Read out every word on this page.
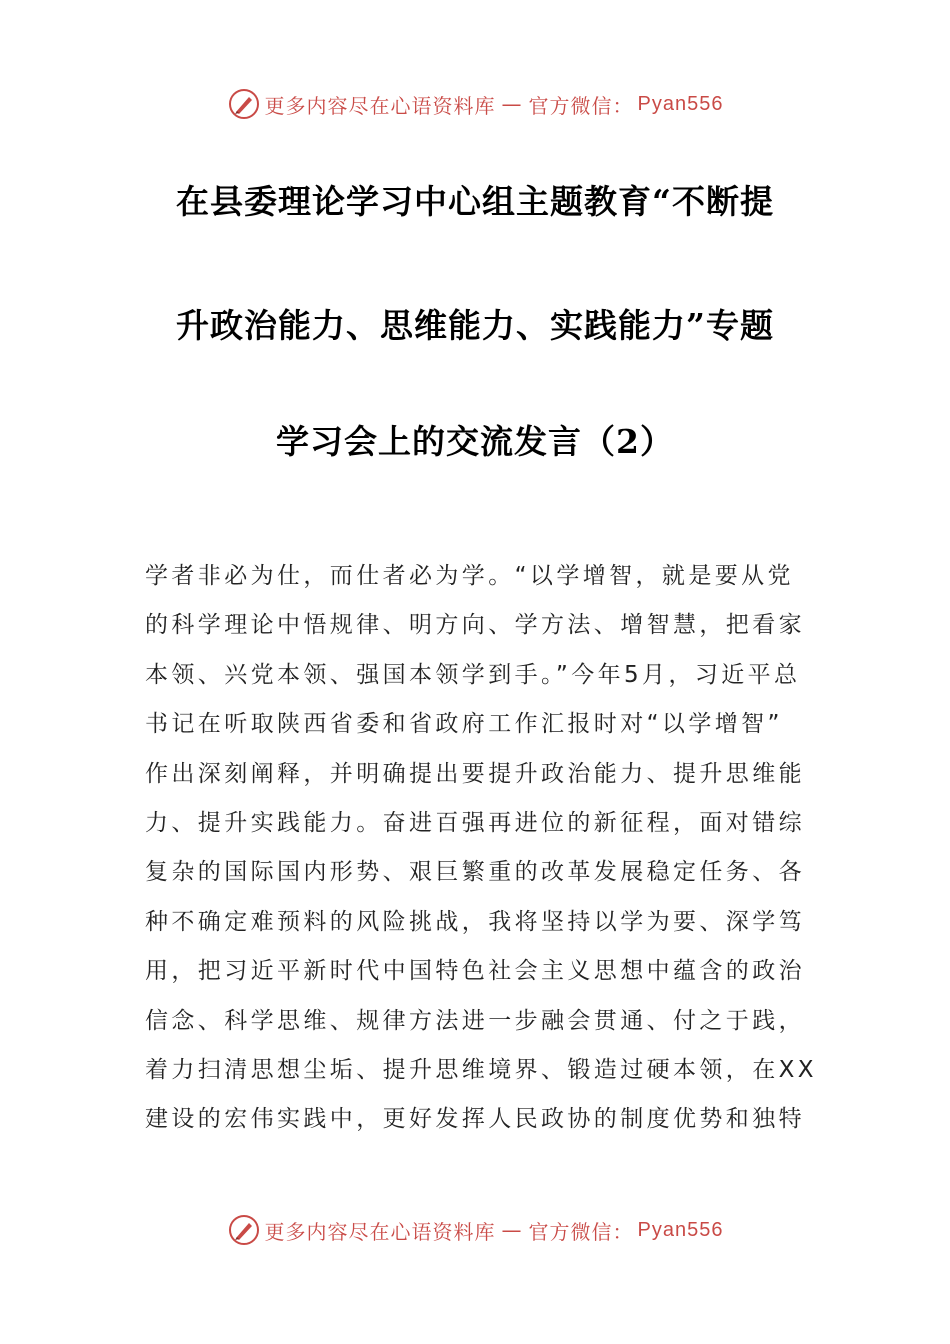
更多内容尽在心语资料库 — 官方微信： Pyan556
在县委理论学习中心组主题教育“不断提
升政治能力、思维能力、实践能力”专题
学习会上的交流发言（2）
学者非必为仕，而仕者必为学。“以学增智，就是要从党
的科学理论中悟规律、明方向、学方法、增智慧，把看家
本领、兴党本领、强国本领学到手。”今年5月，习近平总
书记在听取陕西省委和省政府工作汇报时对“以学增智”
作出深刻阐释，并明确提出要提升政治能力、提升思维能
力、提升实践能力。奋进百强再进位的新征程，面对错综
复杂的国际国内形势、艰巨繁重的改革发展稳定任务、各
种不确定难预料的风险挑战，我将坚持以学为要、深学笃
用，把习近平新时代中国特色社会主义思想中蕴含的政治
信念、科学思维、规律方法进一步融会贯通、付之于践，
着力扫清思想尘垢、提升思维境界、锻造过硬本领，在XX
建设的宏伟实践中，更好发挥人民政协的制度优势和独特
更多内容尽在心语资料库 — 官方微信： Pyan556
